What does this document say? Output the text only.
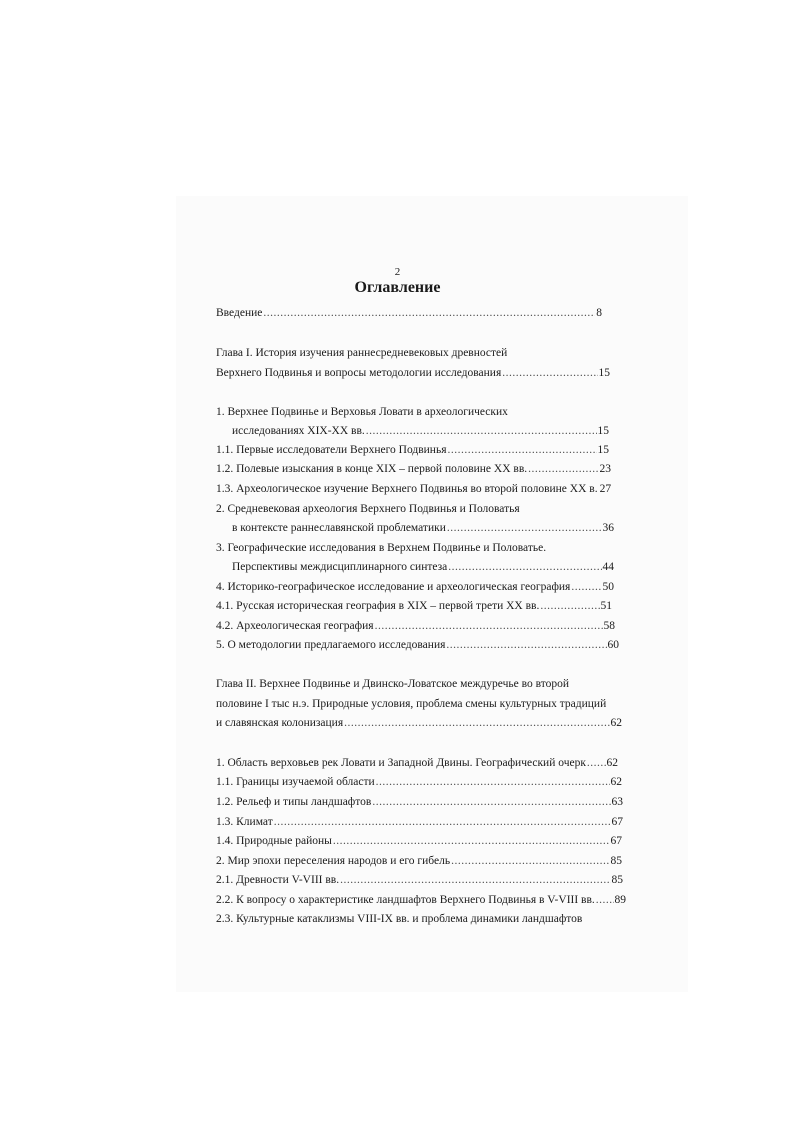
2
Оглавление
Введение .....	8
Глава I. История изучения раннесредневековых древностей
Верхнего Подвинья и вопросы методологии исследования .....	15
1. Верхнее Подвинье и Верховья Ловати в археологических
исследованиях XIX-XX вв. .....	15
1.1. Первые исследователи Верхнего Подвинья .....	15
1.2. Полевые изыскания в конце XIX – первой половине XX вв. .....	23
1.3. Археологическое изучение Верхнего Подвинья во второй половине XX в. 27
2. Средневековая археология Верхнего Подвинья и Половатья
в контексте раннеславянской проблематики .....	36
3. Географические исследования в Верхнем Подвинье и Половатье.
Перспективы междисциплинарного синтеза .....	44
4. Историко-географическое исследование и археологическая география .....	50
4.1. Русская историческая география в XIX – первой трети XX вв. .....	51
4.2. Археологическая география .....	58
5. О методологии предлагаемого исследования .....	60
Глава II. Верхнее Подвинье и Двинско-Ловатское междуречье во второй
половине I тыс н.э. Природные условия, проблема смены культурных традиций
и славянская колонизация .....	62
1. Область верховьев рек Ловати и Западной Двины. Географический очерк ..... 62
1.1. Границы изучаемой области .....	62
1.2. Рельеф и типы ландшафтов .....	63
1.3. Климат .....	67
1.4. Природные районы .....	67
2. Мир эпохи переселения народов и его гибель .....	85
2.1. Древности V-VIII вв. .....	85
2.2. К вопросу о характеристике ландшафтов Верхнего Подвинья в V-VIII вв. ..... 89
2.3. Культурные катаклизмы VIII-IX вв. и проблема динамики ландшафтов
